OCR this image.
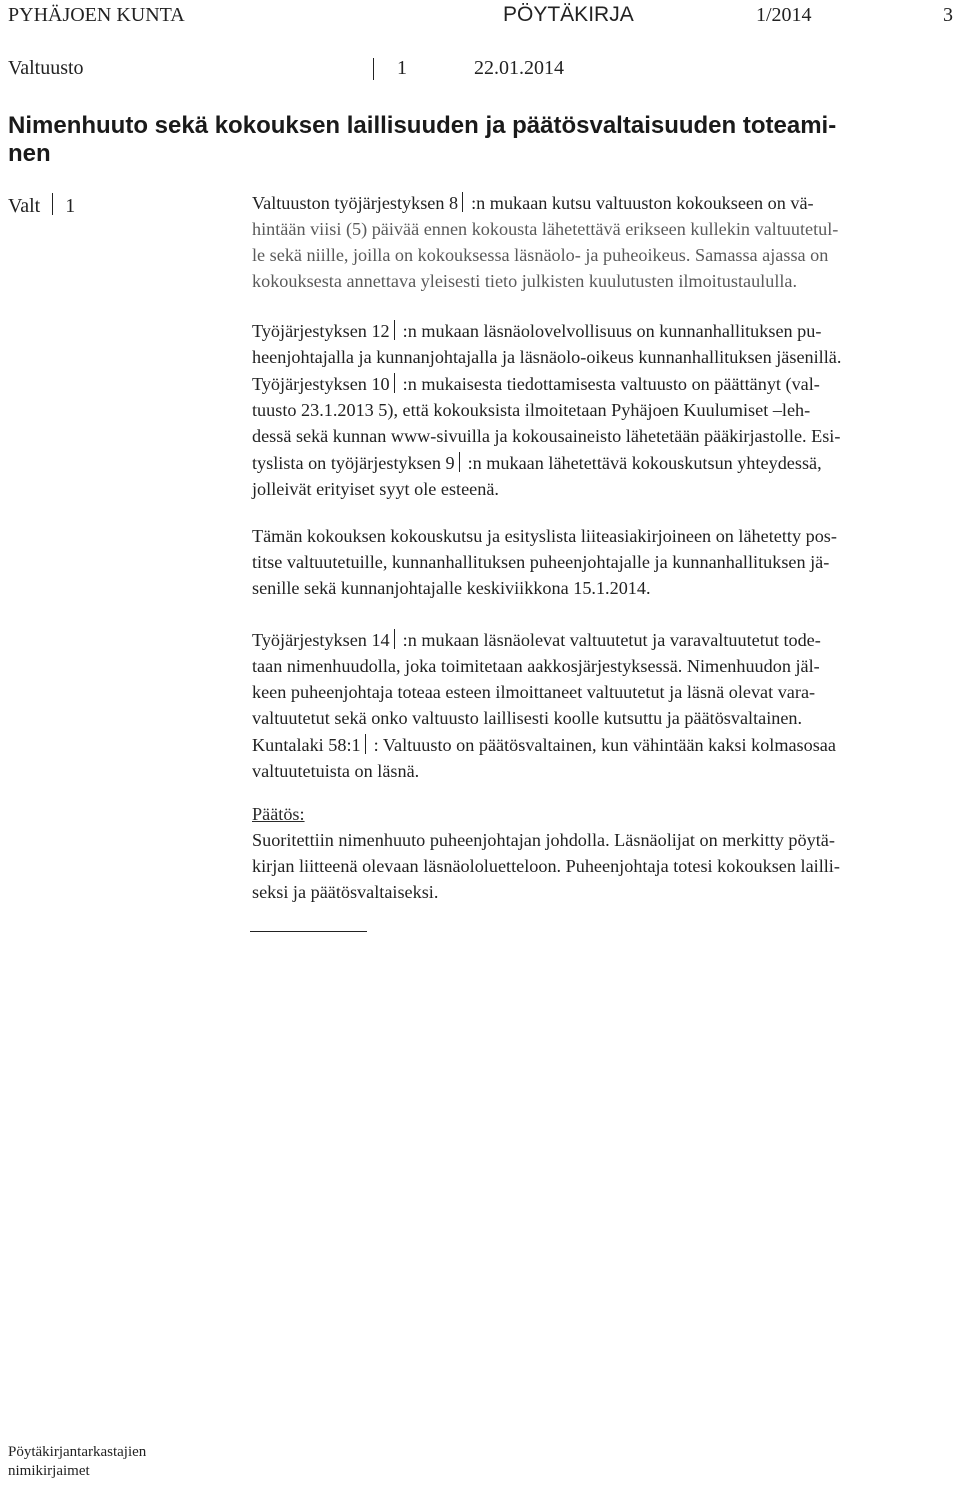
PYHÄJOEN KUNTA	PÖYTÄKIRJA	1/2014	3
Valtuusto	1	22.01.2014
Nimenhuuto sekä kokouksen laillisuuden ja päätösvaltaisuuden toteami-
nen
Valt 1	Valtuuston työjärjestyksen 8 :n mukaan kutsu valtuuston kokoukseen on vä-
hintään viisi (5) päivää ennen kokousta lähetettävä erikseen kullekin valtuutetul-
le sekä niille, joilla on kokouksessa läsnäolo- ja puheoikeus. Samassa ajassa on
kokouksesta annettava yleisesti tieto julkisten kuulutusten ilmoitustaululla.
Työjärjestyksen 12 :n mukaan läsnäolovelvollisuus on kunnanhallituksen pu-
heenjohtajalla ja kunnanjohtajalla ja läsnäolo-oikeus kunnanhallituksen jäsenillä.
Työjärjestyksen 10 :n mukaisesta tiedottamisesta valtuusto on päättänyt (val-
tuusto 23.1.2013 5), että kokouksista ilmoitetaan Pyhäjoen Kuulumiset –leh-
dessä sekä kunnan www-sivuilla ja kokousaineisto lähetetään pääkirjastolle. Esi-
tyslista on työjärjestyksen 9 :n mukaan lähetettävä kokouskutsun yhteydessä,
jolleivät erityiset syyt ole esteenä.
Tämän kokouksen kokouskutsu ja esityslista liiteasiakirjoineen on lähetetty pos-
titse valtuutetuille, kunnanhallituksen puheenjohtajalle ja kunnanhallituksen jä-
senille sekä kunnanjohtajalle keskiviikkona 15.1.2014.
Työjärjestyksen 14 :n mukaan läsnäolevat valtuutetut ja varavaltuutetut tode-
taan nimenhuudolla, joka toimitetaan aakkosjärjestyksessä. Nimenhuudon jäl-
keen puheenjohtaja toteaa esteen ilmoittaneet valtuutetut ja läsnä olevat vara-
valtuutetut sekä onko valtuusto laillisesti koolle kutsuttu ja päätösvaltainen.
Kuntalaki 58:1 : Valtuusto on päätösvaltainen, kun vähintään kaksi kolmasosaa
valtuutetuista on läsnä.
Päätös:
Suoritettiin nimenhuuto puheenjohtajan johdolla. Läsnäolijat on merkitty pöytä-
kirjan liitteenä olevaan läsnäololuetteloon. Puheenjohtaja totesi kokouksen lailli-
seksi ja päätösvaltaiseksi.
Pöytäkirjantarkastajien
nimikirjaimet
